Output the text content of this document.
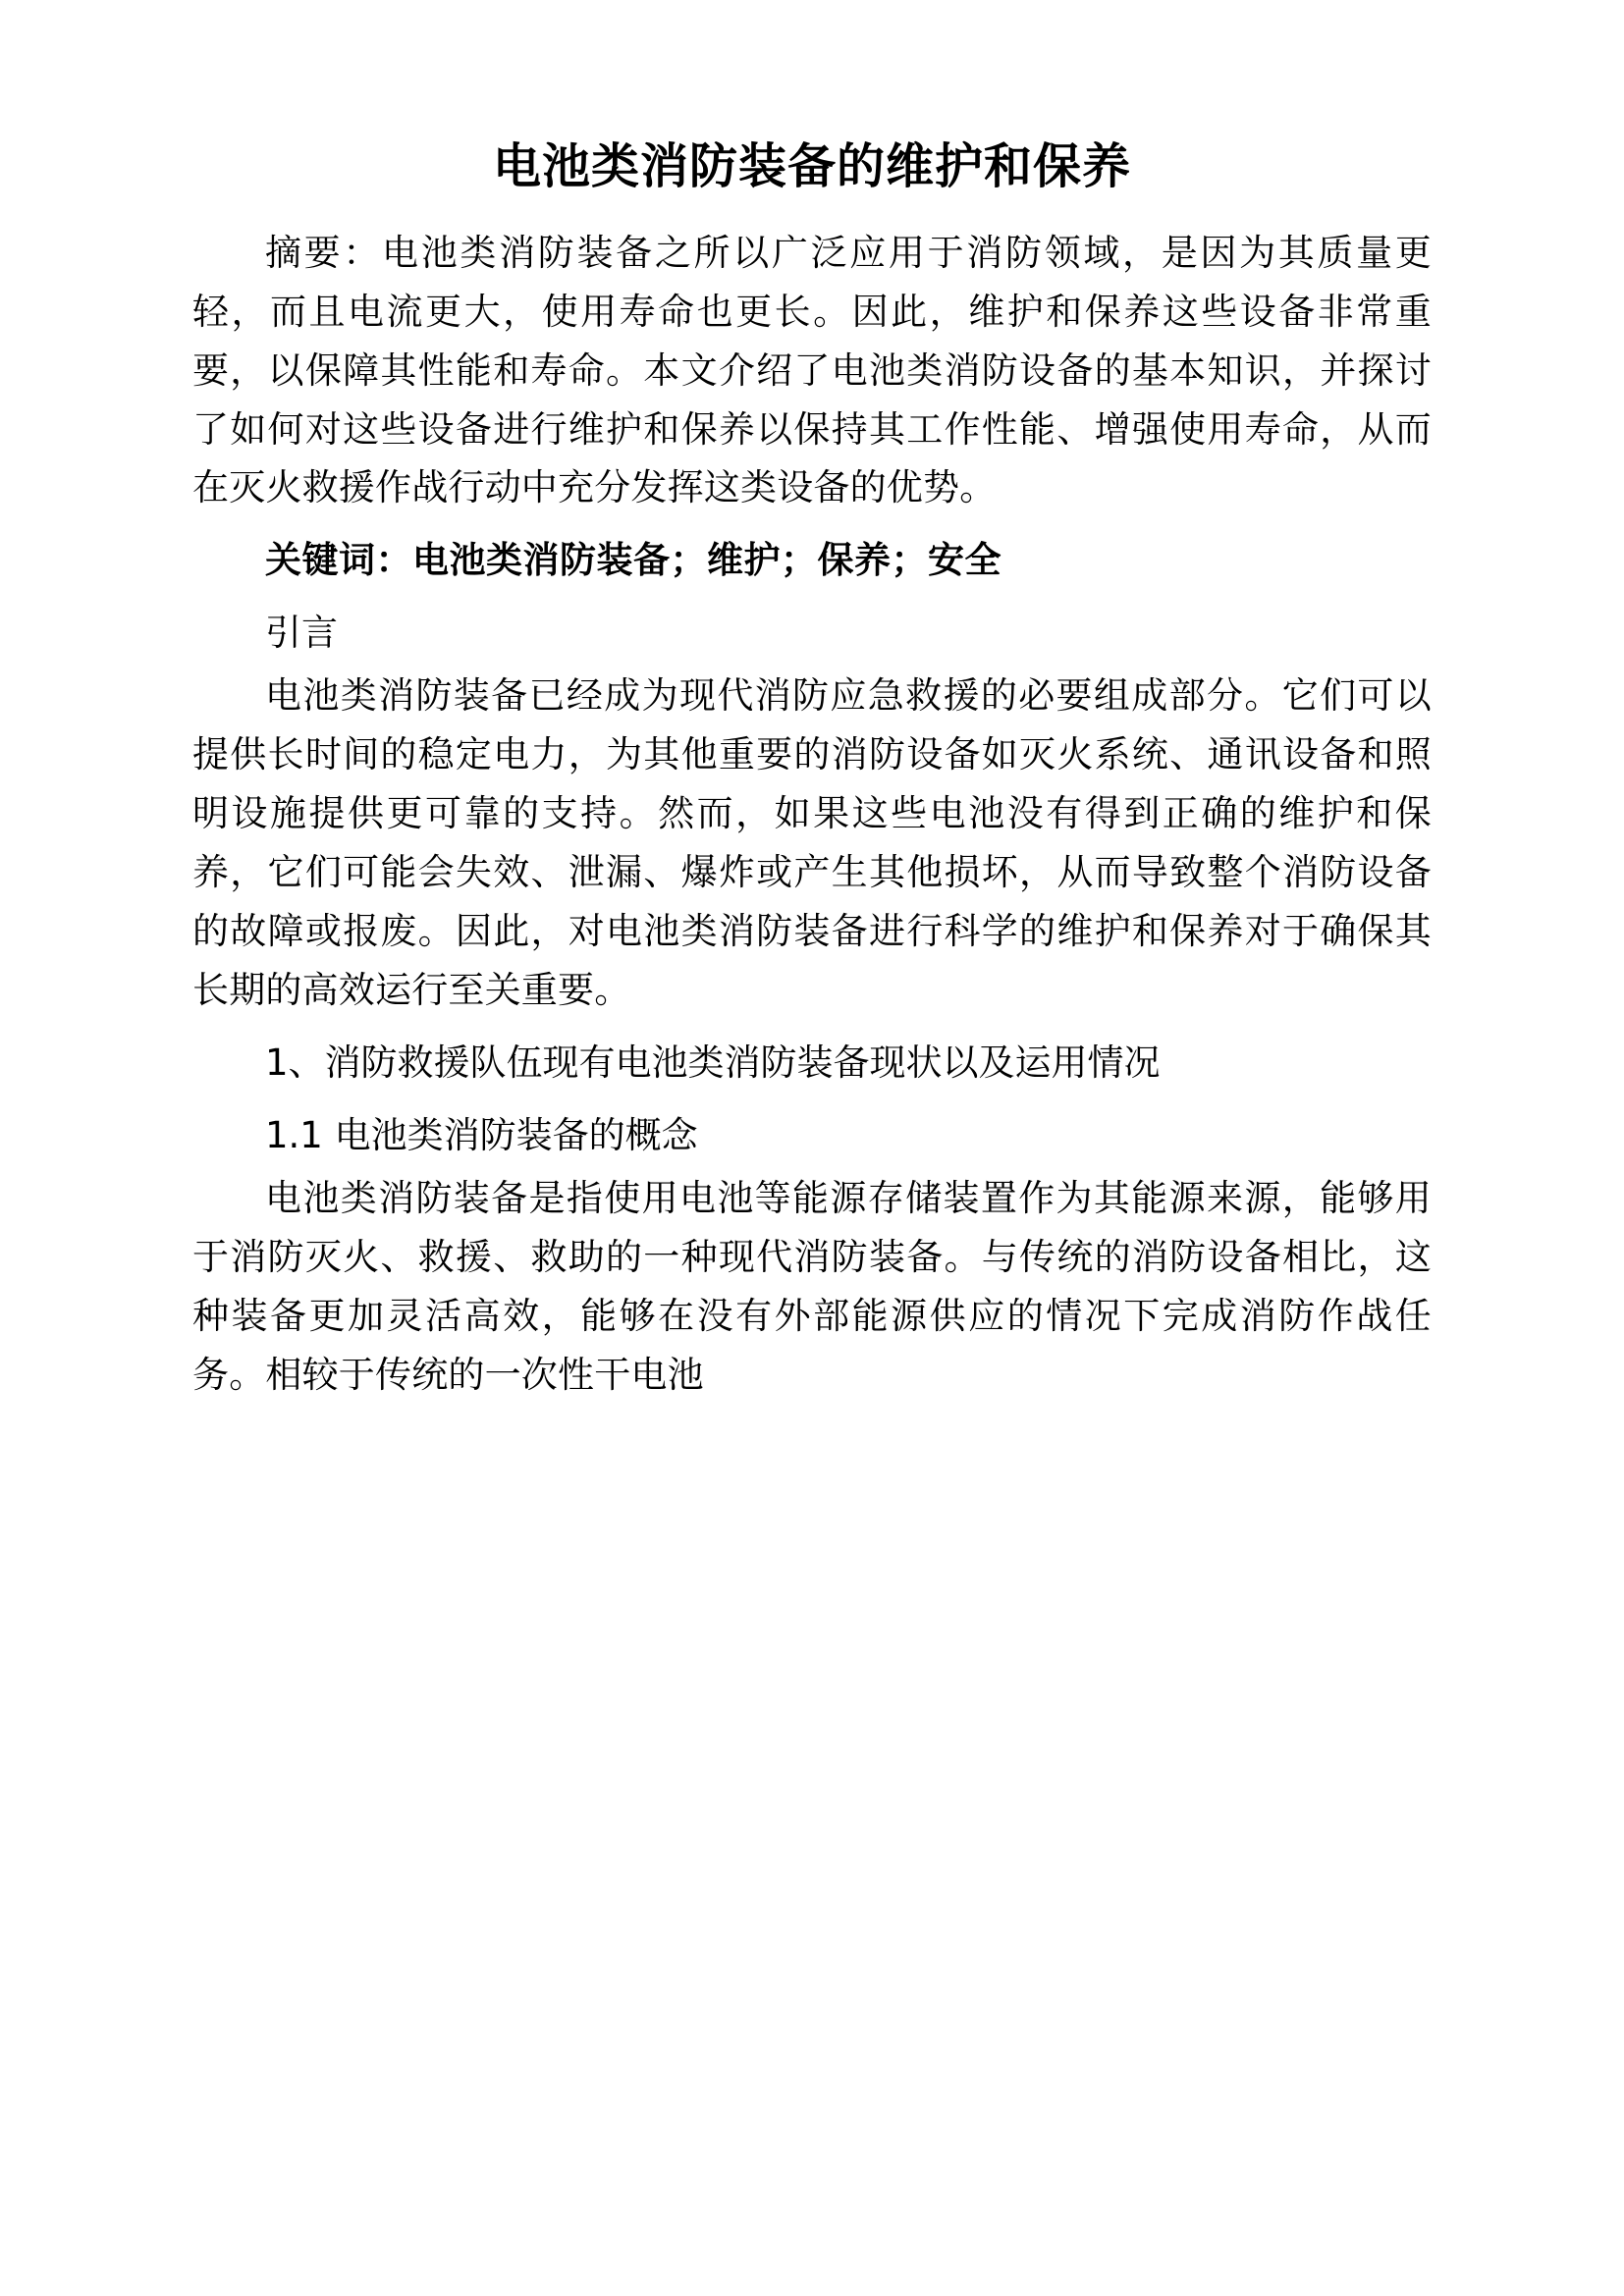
电池类消防装备的维护和保养

摘要：电池类消防装备之所以广泛应用于消防领域，是因为其质量更轻，而且电流更大，使用寿命也更长。因此，维护和保养这些设备非常重要，以保障其性能和寿命。本文介绍了电池类消防设备的基本知识，并探讨了如何对这些设备进行维护和保养以保持其工作性能、增强使用寿命，从而在灭火救援作战行动中充分发挥这类设备的优势。

关键词：电池类消防装备；维护；保养；安全

引言

电池类消防装备已经成为现代消防应急救援的必要组成部分。它们可以提供长时间的稳定电力，为其他重要的消防设备如灭火系统、通讯设备和照明设施提供更可靠的支持。然而，如果这些电池没有得到正确的维护和保养，它们可能会失效、泄漏、爆炸或产生其他损坏，从而导致整个消防设备的故障或报废。因此，对电池类消防装备进行科学的维护和保养对于确保其长期的高效运行至关重要。

1、消防救援队伍现有电池类消防装备现状以及运用情况

1.1 电池类消防装备的概念

电池类消防装备是指使用电池等能源存储装置作为其能源来源，能够用于消防灭火、救援、救助的一种现代消防装备。与传统的消防设备相比，这种装备更加灵活高效，能够在没有外部能源供应的情况下完成消防作战任务。相较于传统的一次性干电池
